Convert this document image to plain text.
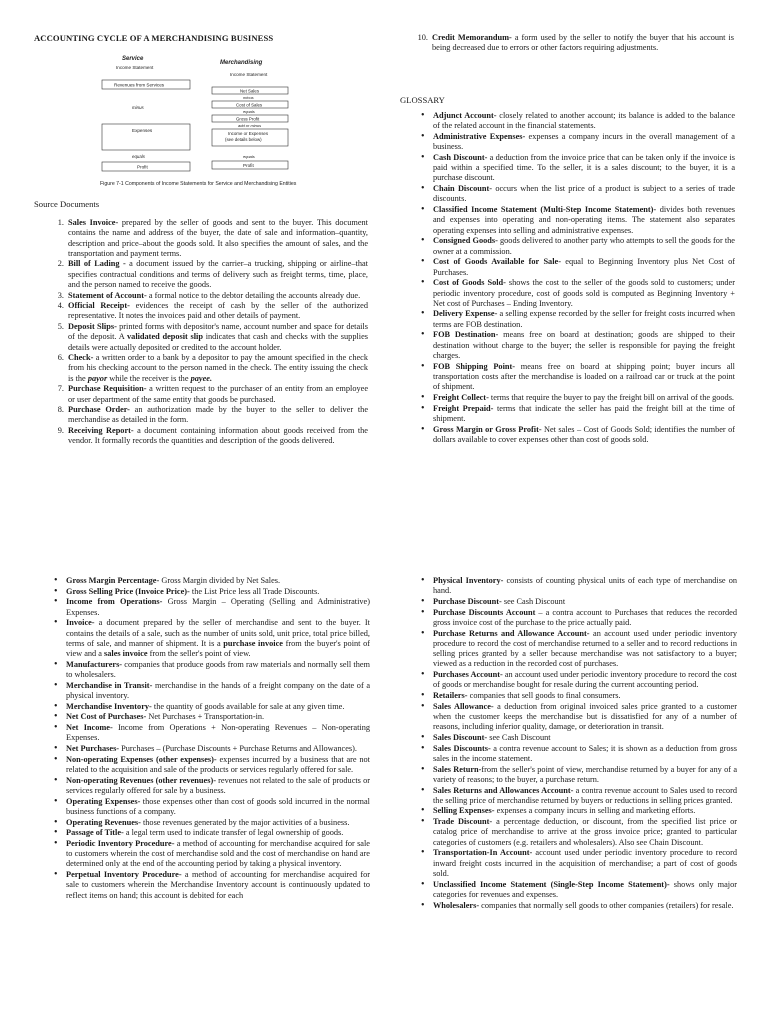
ACCOUNTING CYCLE OF A MERCHANDISING BUSINESS
Service
Income Statement
Revenues from Services
minus
Expenses
equals
Profit
Merchandising
Income Statement
Net Sales
minus
Cost of Sales
equals
Gross Profit
add or minus
Income or Expenses
(see details below)
equals
Profit
Figure 7-1 Components of Income Statements for Service and Merchandising Entities
Source Documents
1. Sales Invoice- prepared by the seller of goods and sent to the buyer. This document contains the name and address of the buyer, the date of sale and information–quantity, description and price–about the goods sold. It also specifies the amount of sales, and the transportation and payment terms.
2. Bill of Lading - a document issued by the carrier–a trucking, shipping or airline–that specifies contractual conditions and terms of delivery such as freight terms, time, place, and the person named to receive the goods.
3. Statement of Account- a formal notice to the debtor detailing the accounts already due.
4. Official Receipt- evidences the receipt of cash by the seller of the authorized representative. It notes the invoices paid and other details of payment.
5. Deposit Slips- printed forms with depositor's name, account number and space for details of the deposit. A validated deposit slip indicates that cash and checks with the supplies details were actually deposited or credited to the account holder.
6. Check- a written order to a bank by a depositor to pay the amount specified in the check from his checking account to the person named in the check. The entity issuing the check is the payor while the receiver is the payee.
7. Purchase Requisition- a written request to the purchaser of an entity from an employee or user department of the same entity that goods be purchased.
8. Purchase Order- an authorization made by the buyer to the seller to deliver the merchandise as detailed in the form.
9. Receiving Report- a document containing information about goods received from the vendor. It formally records the quantities and description of the goods delivered.
10. Credit Memorandum- a form used by the seller to notify the buyer that his account is being decreased due to errors or other factors requiring adjustments.
GLOSSARY
• Adjunct Account- closely related to another account; its balance is added to the balance of the related account in the financial statements.
• Administrative Expenses- expenses a company incurs in the overall management of a business.
• Cash Discount- a deduction from the invoice price that can be taken only if the invoice is paid within a specified time. To the seller, it is a sales discount; to the buyer, it is a purchase discount.
• Chain Discount- occurs when the list price of a product is subject to a series of trade discounts.
• Classified Income Statement (Multi-Step Income Statement)- divides both revenues and expenses into operating and non-operating items. The statement also separates operating expenses into selling and administrative expenses.
• Consigned Goods- goods delivered to another party who attempts to sell the goods for the owner at a commission.
• Cost of Goods Available for Sale- equal to Beginning Inventory plus Net Cost of Purchases.
• Cost of Goods Sold- shows the cost to the seller of the goods sold to customers; under periodic inventory procedure, cost of goods sold is computed as Beginning Inventory + Net cost of Purchases – Ending Inventory.
• Delivery Expense- a selling expense recorded by the seller for freight costs incurred when terms are FOB destination.
• FOB Destination- means free on board at destination; goods are shipped to their destination without charge to the buyer; the seller is responsible for paying the freight charges.
• FOB Shipping Point- means free on board at shipping point; buyer incurs all transportation costs after the merchandise is loaded on a railroad car or truck at the point of shipment.
• Freight Collect- terms that require the buyer to pay the freight bill on arrival of the goods.
• Freight Prepaid- terms that indicate the seller has paid the freight bill at the time of shipment.
• Gross Margin or Gross Profit- Net sales – Cost of Goods Sold; identifies the number of dollars available to cover expenses other than cost of goods sold.
• Gross Margin Percentage- Gross Margin divided by Net Sales.
• Gross Selling Price (Invoice Price)- the List Price less all Trade Discounts.
• Income from Operations- Gross Margin – Operating (Selling and Administrative) Expenses.
• Invoice- a document prepared by the seller of merchandise and sent to the buyer. It contains the details of a sale, such as the number of units sold, unit price, total price billed, terms of sale, and manner of shipment. It is a purchase invoice from the buyer's point of view and a sales invoice from the seller's point of view.
• Manufacturers- companies that produce goods from raw materials and normally sell them to wholesalers.
• Merchandise in Transit- merchandise in the hands of a freight company on the date of a physical inventory.
• Merchandise Inventory- the quantity of goods available for sale at any given time.
• Net Cost of Purchases- Net Purchases + Transportation-in.
• Net Income- Income from Operations + Non-operating Revenues – Non-operating Expenses.
• Net Purchases- Purchases – (Purchase Discounts + Purchase Returns and Allowances).
• Non-operating Expenses (other expenses)- expenses incurred by a business that are not related to the acquisition and sale of the products or services regularly offered for sale.
• Non-operating Revenues (other revenues)- revenues not related to the sale of products or services regularly offered for sale by a business.
• Operating Expenses- those expenses other than cost of goods sold incurred in the normal business functions of a company.
• Operating Revenues- those revenues generated by the major activities of a business.
• Passage of Title- a legal term used to indicate transfer of legal ownership of goods.
• Periodic Inventory Procedure- a method of accounting for merchandise acquired for sale to customers wherein the cost of merchandise sold and the cost of merchandise on hand are determined only at the end of the accounting period by taking a physical inventory.
• Perpetual Inventory Procedure- a method of accounting for merchandise acquired for sale to customers wherein the Merchandise Inventory account is continuously updated to reflect items on hand; this account is debited for each
• Physical Inventory- consists of counting physical units of each type of merchandise on hand.
• Purchase Discount- see Cash Discount
• Purchase Discounts Account – a contra account to Purchases that reduces the recorded gross invoice cost of the purchase to the price actually paid.
• Purchase Returns and Allowance Account- an account used under periodic inventory procedure to record the cost of merchandise returned to a seller and to record reductions in selling prices granted by a seller because merchandise was not satisfactory to a buyer; viewed as a reduction in the recorded cost of purchases.
• Purchases Account- an account used under periodic inventory procedure to record the cost of goods or merchandise bought for resale during the current accounting period.
• Retailers- companies that sell goods to final consumers.
• Sales Allowance- a deduction from original invoiced sales price granted to a customer when the customer keeps the merchandise but is dissatisfied for any of a number of reasons, including inferior quality, damage, or deterioration in transit.
• Sales Discount- see Cash Discount
• Sales Discounts- a contra revenue account to Sales; it is shown as a deduction from gross sales in the income statement.
• Sales Return-from the seller's point of view, merchandise returned by a buyer for any of a variety of reasons; to the buyer, a purchase return.
• Sales Returns and Allowances Account- a contra revenue account to Sales used to record the selling price of merchandise returned by buyers or reductions in selling prices granted.
• Selling Expenses- expenses a company incurs in selling and marketing efforts.
• Trade Discount- a percentage deduction, or discount, from the specified list price or catalog price of merchandise to arrive at the gross invoice price; granted to particular categories of customers (e.g. retailers and wholesalers). Also see Chain Discount.
• Transportation-In Account- account used under periodic inventory procedure to record inward freight costs incurred in the acquisition of merchandise; a part of cost of goods sold.
• Unclassified Income Statement (Single-Step Income Statement)- shows only major categories for revenues and expenses.
• Wholesalers- companies that normally sell goods to other companies (retailers) for resale.
